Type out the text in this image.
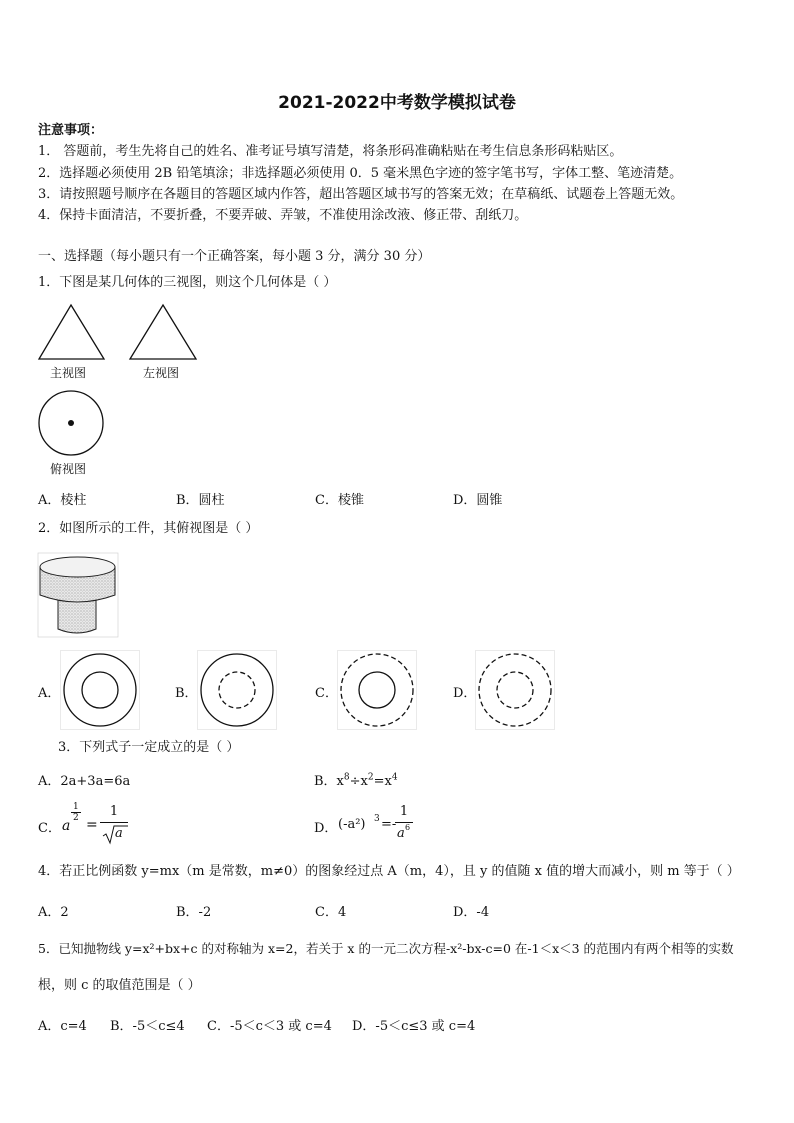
2021-2022中考数学模拟试卷
注意事项：
1． 答题前，考生先将自己的姓名、准考证号填写清楚，将条形码准确粘贴在考生信息条形码粘贴区。
2．选择题必须使用 2B 铅笔填涂；非选择题必须使用 0．5 毫米黑色字迹的签字笔书写，字体工整、笔迹清楚。
3．请按照题号顺序在各题目的答题区域内作答，超出答题区域书写的答案无效；在草稿纸、试题卷上答题无效。
4．保持卡面清洁，不要折叠，不要弄破、弄皱，不准使用涂改液、修正带、刮纸刀。
一、选择题（每小题只有一个正确答案，每小题 3 分，满分 30 分）
1．下图是某几何体的三视图，则这个几何体是（ ）
主视图	左视图
俯视图
A．棱柱	B．圆柱	C．棱锥	D．圆锥
2．如图所示的工件，其俯视图是（ ）
A．	B．	C．	D．
3．下列式子一定成立的是（ ）
A．2a+3a=6a	B．$x^8\div x^2=x^4$
C． a
$\frac{1}{2}$
=
1
a	D． (-a²) 3 =-
1
a 6
4．若正比例函数 y=mx（m 是常数，m≠0）的图象经过点 A（m，4），且 y 的值随 x 值的增大而减小，则 m 等于（ ）
A．2	B．-2	C．4	D．-4
5．已知抛物线 y=x²+bx+c 的对称轴为 x=2，若关于 x 的一元二次方程-x²-bx-c=0 在-1＜x＜3 的范围内有两个相等的实数
根，则 c 的取值范围是（ ）
A．c=4 B．-5＜c≤4 C．-5＜c＜3 或 c=4 D．-5＜c≤3 或 c=4
